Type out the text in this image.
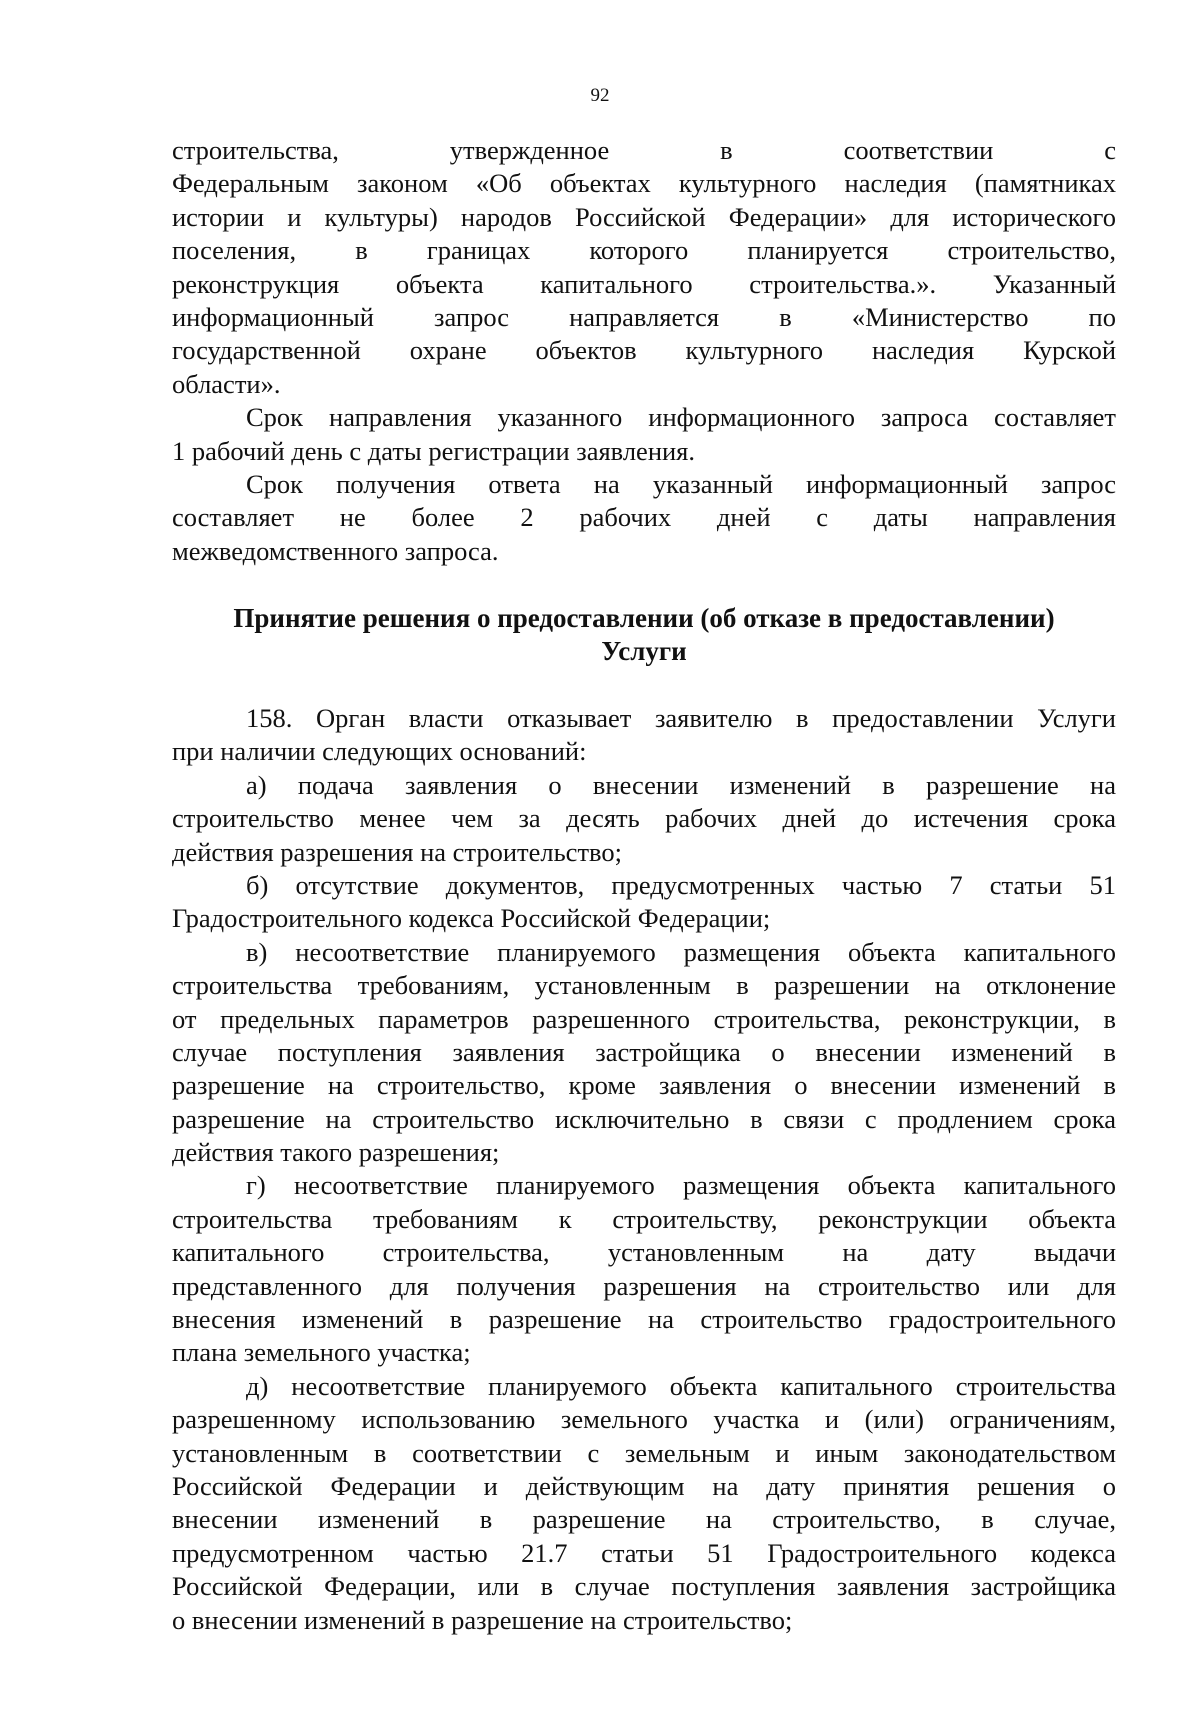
92
строительства, утвержденное в соответствии с
Федеральным законом «Об объектах культурного наследия (памятниках
истории и культуры) народов Российской Федерации» для исторического
поселения, в границах которого планируется строительство,
реконструкция объекта капитального строительства.». Указанный
информационный запрос направляется в «Министерство по
государственной охране объектов культурного наследия Курской
области».
Срок направления указанного информационного запроса составляет
1 рабочий день с даты регистрации заявления.
Срок получения ответа на указанный информационный запрос
составляет не более 2 рабочих дней с даты направления
межведомственного запроса.
Принятие решения о предоставлении (об отказе в предоставлении)
Услуги
158. Орган власти отказывает заявителю в предоставлении Услуги
при наличии следующих оснований:
а) подача заявления о внесении изменений в разрешение на
строительство менее чем за десять рабочих дней до истечения срока
действия разрешения на строительство;
б) отсутствие документов, предусмотренных частью 7 статьи 51
Градостроительного кодекса Российской Федерации;
в) несоответствие планируемого размещения объекта капитального
строительства требованиям, установленным в разрешении на отклонение
от предельных параметров разрешенного строительства, реконструкции, в
случае поступления заявления застройщика о внесении изменений в
разрешение на строительство, кроме заявления о внесении изменений в
разрешение на строительство исключительно в связи с продлением срока
действия такого разрешения;
г) несоответствие планируемого размещения объекта капитального
строительства требованиям к строительству, реконструкции объекта
капитального строительства, установленным на дату выдачи
представленного для получения разрешения на строительство или для
внесения изменений в разрешение на строительство градостроительного
плана земельного участка;
д) несоответствие планируемого объекта капитального строительства
разрешенному использованию земельного участка и (или) ограничениям,
установленным в соответствии с земельным и иным законодательством
Российской Федерации и действующим на дату принятия решения о
внесении изменений в разрешение на строительство, в случае,
предусмотренном частью 21.7 статьи 51 Градостроительного кодекса
Российской Федерации, или в случае поступления заявления застройщика
о внесении изменений в разрешение на строительство;
